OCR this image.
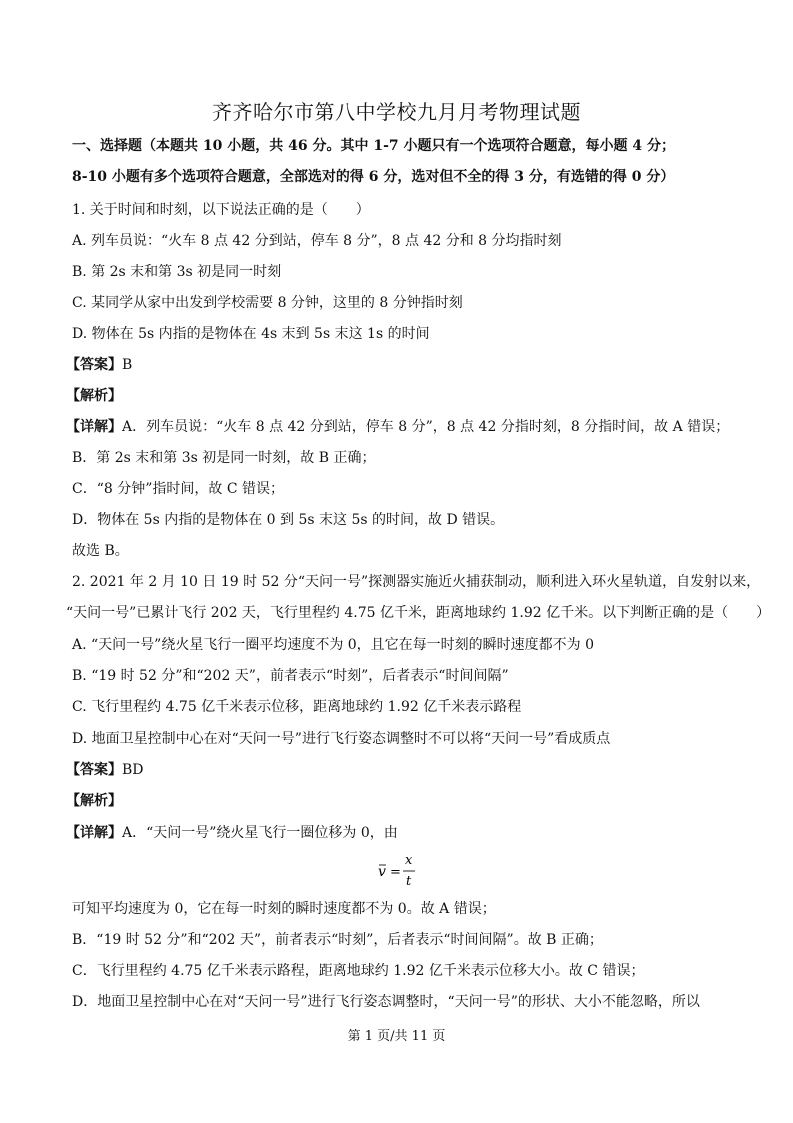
齐齐哈尔市第八中学校九月月考物理试题
一、选择题（本题共 10 小题，共 46 分。其中 1-7 小题只有一个选项符合题意，每小题 4 分；
8-10 小题有多个选项符合题意，全部选对的得 6 分，选对但不全的得 3 分，有选错的得 0 分）
1. 关于时间和时刻，以下说法正确的是（　　）
A. 列车员说：“火车 8 点 42 分到站，停车 8 分”，8 点 42 分和 8 分均指时刻
B. 第 2s 末和第 3s 初是同一时刻
C. 某同学从家中出发到学校需要 8 分钟，这里的 8 分钟指时刻
D. 物体在 5s 内指的是物体在 4s 末到 5s 末这 1s 的时间
【答案】B
【解析】
【详解】A．列车员说：“火车 8 点 42 分到站，停车 8 分”，8 点 42 分指时刻，8 分指时间，故 A 错误；
B．第 2s 末和第 3s 初是同一时刻，故 B 正确；
C．“8 分钟”指时间，故 C 错误；
D．物体在 5s 内指的是物体在 0 到 5s 末这 5s 的时间，故 D 错误。
故选 B。
2. 2021 年 2 月 10 日 19 时 52 分“天问一号”探测器实施近火捕获制动，顺利进入环火星轨道，自发射以来，
“天问一号”已累计飞行 202 天，飞行里程约 4.75 亿千米，距离地球约 1.92 亿千米。以下判断正确的是（　　）
A. “天问一号”绕火星飞行一圈平均速度不为 0，且它在每一时刻的瞬时速度都不为 0
B. “19 时 52 分”和“202 天”，前者表示“时刻”，后者表示“时间间隔”
C. 飞行里程约 4.75 亿千米表示位移，距离地球约 1.92 亿千米表示路程
D. 地面卫星控制中心在对“天问一号”进行飞行姿态调整时不可以将“天问一号”看成质点
【答案】BD
【解析】
【详解】A．“天问一号”绕火星飞行一圈位移为 0，由
v =
x
t
可知平均速度为 0，它在每一时刻的瞬时速度都不为 0。故 A 错误；
B．“19 时 52 分”和“202 天”，前者表示“时刻”，后者表示“时间间隔”。故 B 正确；
C．飞行里程约 4.75 亿千米表示路程，距离地球约 1.92 亿千米表示位移大小。故 C 错误；
D．地面卫星控制中心在对“天问一号”进行飞行姿态调整时，“天问一号”的形状、大小不能忽略，所以
第 1 页/共 11 页
